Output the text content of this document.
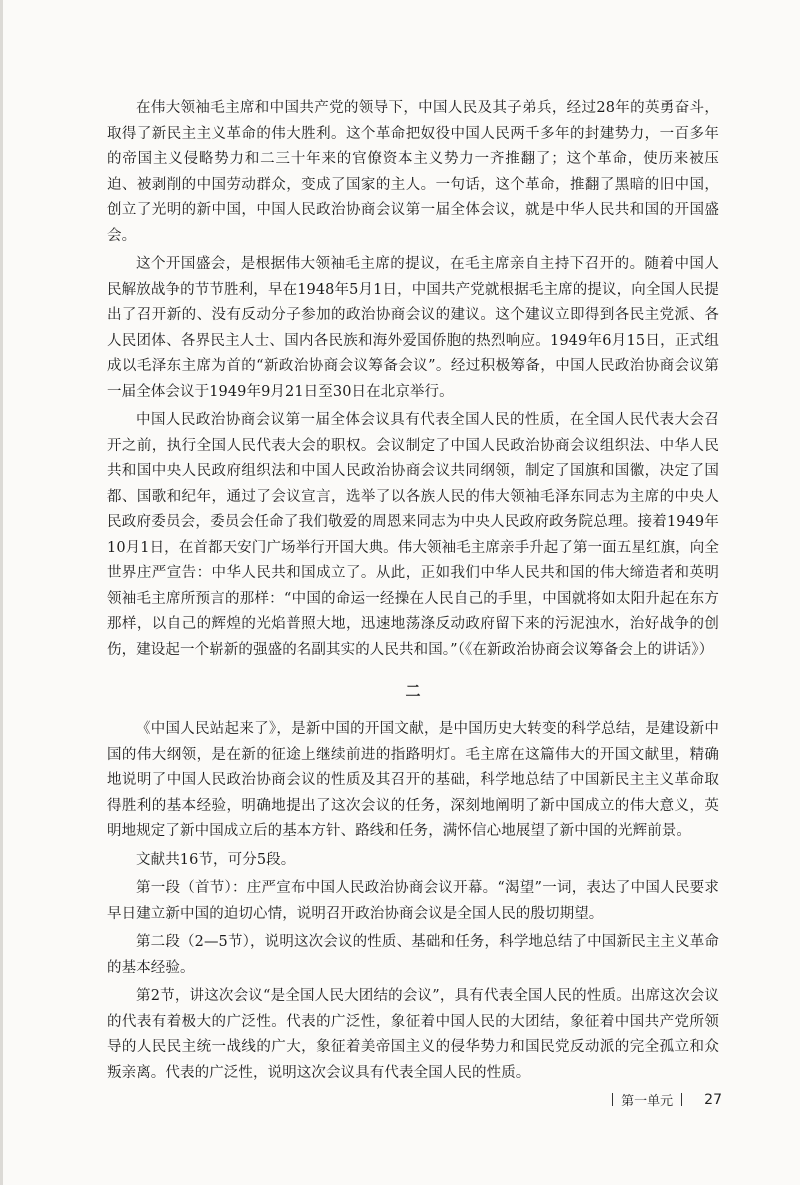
在伟大领袖毛主席和中国共产党的领导下，中国人民及其子弟兵，经过28年的英勇奋斗，取得了新民主主义革命的伟大胜利。这个革命把奴役中国人民两千多年的封建势力，一百多年的帝国主义侵略势力和二三十年来的官僚资本主义势力一齐推翻了；这个革命，使历来被压迫、被剥削的中国劳动群众，变成了国家的主人。一句话，这个革命，推翻了黑暗的旧中国，创立了光明的新中国，中国人民政治协商会议第一届全体会议，就是中华人民共和国的开国盛会。

这个开国盛会，是根据伟大领袖毛主席的提议，在毛主席亲自主持下召开的。随着中国人民解放战争的节节胜利，早在1948年5月1日，中国共产党就根据毛主席的提议，向全国人民提出了召开新的、没有反动分子参加的政治协商会议的建议。这个建议立即得到各民主党派、各人民团体、各界民主人士、国内各民族和海外爱国侨胞的热烈响应。1949年6月15日，正式组成以毛泽东主席为首的“新政治协商会议筹备会议”。经过积极筹备，中国人民政治协商会议第一届全体会议于1949年9月21日至30日在北京举行。

中国人民政治协商会议第一届全体会议具有代表全国人民的性质，在全国人民代表大会召开之前，执行全国人民代表大会的职权。会议制定了中国人民政治协商会议组织法、中华人民共和国中央人民政府组织法和中国人民政治协商会议共同纲领，制定了国旗和国徽，决定了国都、国歌和纪年，通过了会议宣言，选举了以各族人民的伟大领袖毛泽东同志为主席的中央人民政府委员会，委员会任命了我们敬爱的周恩来同志为中央人民政府政务院总理。接着1949年10月1日，在首都天安门广场举行开国大典。伟大领袖毛主席亲手升起了第一面五星红旗，向全世界庄严宣告：中华人民共和国成立了。从此，正如我们中华人民共和国的伟大缔造者和英明领袖毛主席所预言的那样：“中国的命运一经操在人民自己的手里，中国就将如太阳升起在东方那样，以自己的辉煌的光焰普照大地，迅速地荡涤反动政府留下来的污泥浊水，治好战争的创伤，建设起一个崭新的强盛的名副其实的人民共和国。”（《在新政治协商会议筹备会上的讲话》）

二

《中国人民站起来了》，是新中国的开国文献，是中国历史大转变的科学总结，是建设新中国的伟大纲领，是在新的征途上继续前进的指路明灯。毛主席在这篇伟大的开国文献里，精确地说明了中国人民政治协商会议的性质及其召开的基础，科学地总结了中国新民主主义革命取得胜利的基本经验，明确地提出了这次会议的任务，深刻地阐明了新中国成立的伟大意义，英明地规定了新中国成立后的基本方针、路线和任务，满怀信心地展望了新中国的光辉前景。

文献共16节，可分5段。

第一段（首节）：庄严宣布中国人民政治协商会议开幕。“渴望”一词，表达了中国人民要求早日建立新中国的迫切心情，说明召开政治协商会议是全国人民的殷切期望。

第二段（2—5节），说明这次会议的性质、基础和任务，科学地总结了中国新民主主义革命的基本经验。

第2节，讲这次会议“是全国人民大团结的会议”，具有代表全国人民的性质。出席这次会议的代表有着极大的广泛性。代表的广泛性，象征着中国人民的大团结，象征着中国共产党所领导的人民民主统一战线的广大，象征着美帝国主义的侵华势力和国民党反动派的完全孤立和众叛亲离。代表的广泛性，说明这次会议具有代表全国人民的性质。

第一单元 27
